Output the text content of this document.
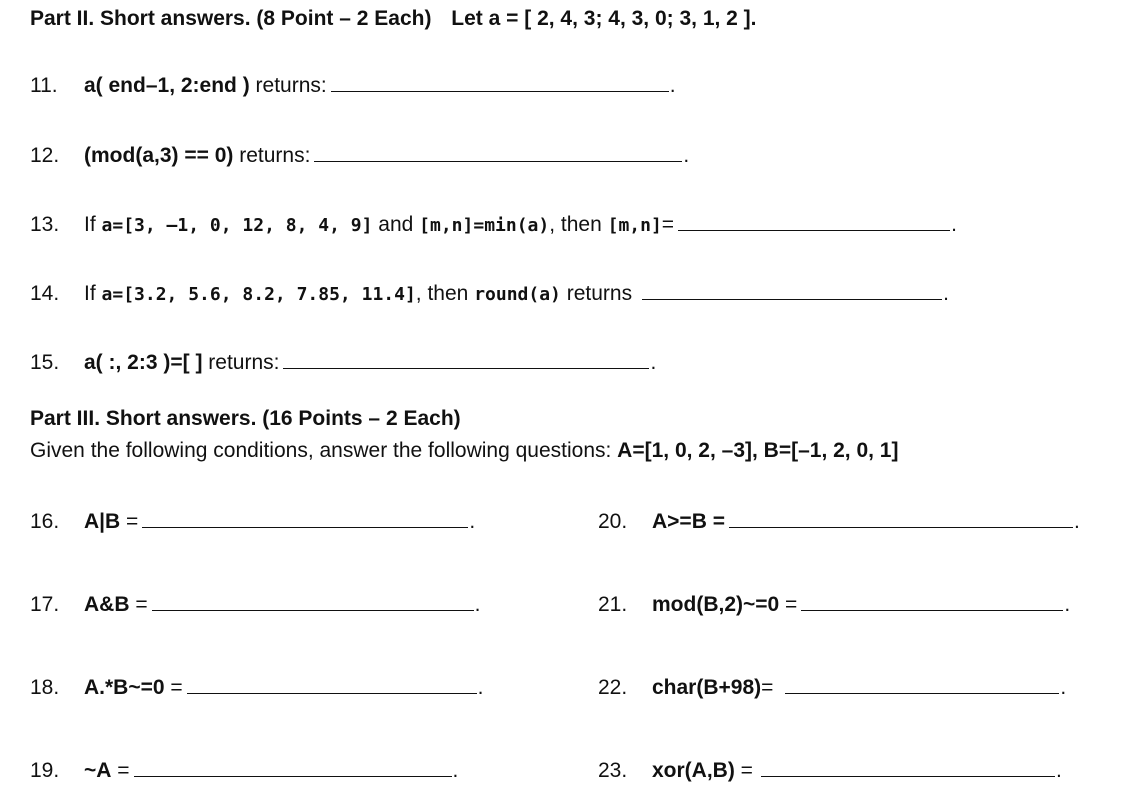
Part II. Short answers. (8 Point – 2 Each) Let a = [ 2, 4, 3; 4, 3, 0; 3, 1, 2 ].
11. a( end–1, 2:end ) returns:	.
12. (mod(a,3) == 0) returns:	.
13. If a=[3, –1, 0, 12, 8, 4, 9] and [m,n]=min(a), then [m,n]=	.
14. If a=[3.2, 5.6, 8.2, 7.85, 11.4], then round(a) returns	.
15. a( :, 2:3 )=[ ] returns:	.
Part III. Short answers. (16 Points – 2 Each)
Given the following conditions, answer the following questions: A=[1, 0, 2, –3], B=[–1, 2, 0, 1]
16. A|B =	.
17. A&B =	.
18. A.*B~=0 =	.
19. ~A =	.
20. A>=B =	.
21. mod(B,2)~=0 =	.
22. char(B+98)=	.
23. xor(A,B) =	.
